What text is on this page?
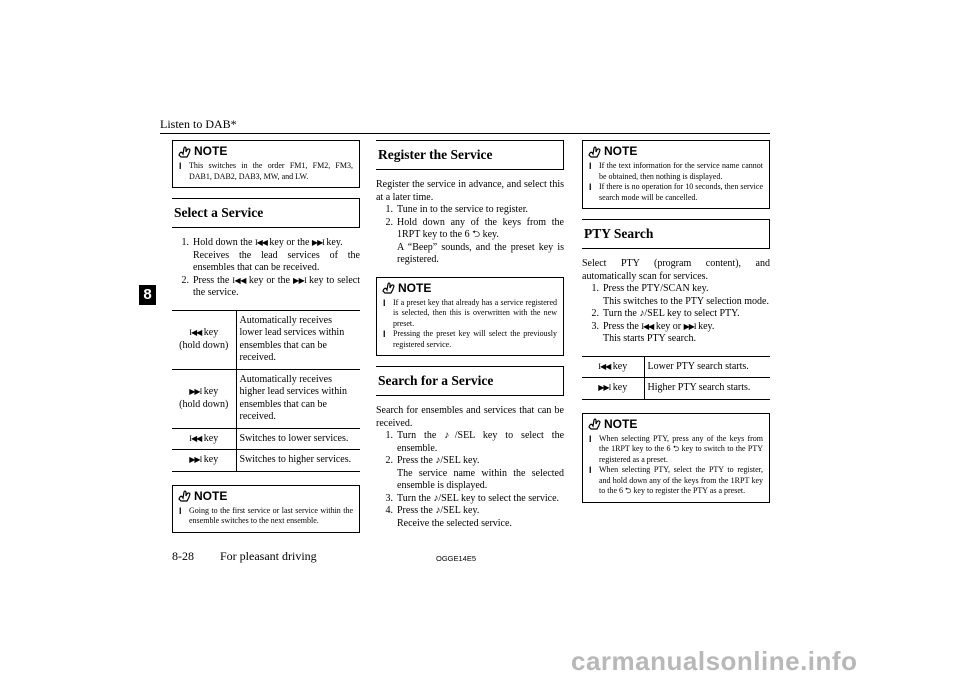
Listen to DAB*
8
NOTE
l This switches in the order FM1, FM2, FM3, DAB1, DAB2, DAB3, MW, and LW.
Select a Service
1. Hold down the I◀◀ key or the ▶▶I key.
Receives the lead services of the ensembles that can be received.
2. Press the I◀◀ key or the ▶▶I key to select the service.
I◀◀ key
(hold down)	Automatically receives lower lead services within ensembles that can be received.
▶▶I key
(hold down)	Automatically receives higher lead services within ensembles that can be received.
I◀◀ key	Switches to lower services.
▶▶I key	Switches to higher services.
NOTE
l Going to the first service or last service within the ensemble switches to the next ensemble.
Register the Service
Register the service in advance, and select this at a later time.
1. Tune in to the service to register.
2. Hold down any of the keys from the 1RPT key to the 6 ⮌ key.
A “Beep” sounds, and the preset key is registered.
NOTE
l If a preset key that already has a service registered is selected, then this is overwritten with the new preset.
l Pressing the preset key will select the previously registered service.
Search for a Service
Search for ensembles and services that can be received.
1. Turn the ♪/SEL key to select the ensemble.
2. Press the ♪/SEL key.
The service name within the selected ensemble is displayed.
3. Turn the ♪/SEL key to select the service.
4. Press the ♪/SEL key.
Receive the selected service.
NOTE
l If the text information for the service name cannot be obtained, then nothing is displayed.
l If there is no operation for 10 seconds, then service search mode will be cancelled.
PTY Search
Select PTY (program content), and automatically scan for services.
1. Press the PTY/SCAN key.
This switches to the PTY selection mode.
2. Turn the ♪/SEL key to select PTY.
3. Press the I◀◀ key or ▶▶I key.
This starts PTY search.
I◀◀ key	Lower PTY search starts.
▶▶I key	Higher PTY search starts.
NOTE
l When selecting PTY, press any of the keys from the 1RPT key to the 6 ⮌ key to switch to the PTY registered as a preset.
l When selecting PTY, select the PTY to register, and hold down any of the keys from the 1RPT key to the 6 ⮌ key to register the PTY as a preset.
8-28 For pleasant driving	OGGE14E5
carmanualsonline.info
